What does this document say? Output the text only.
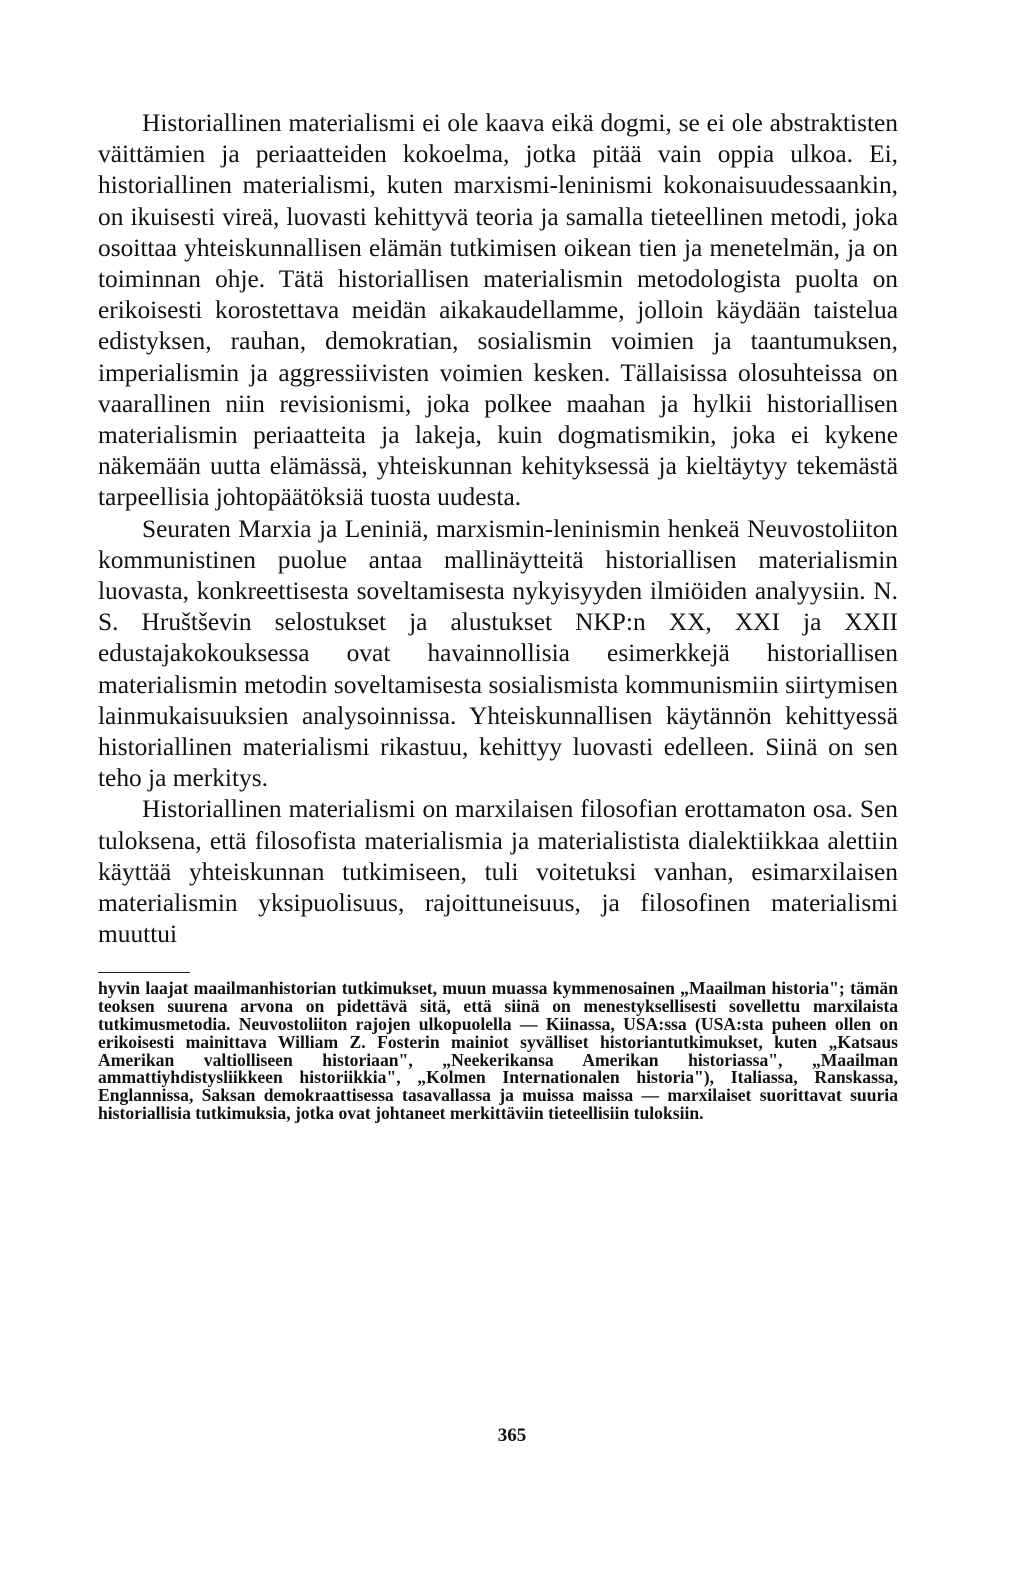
Historiallinen materialismi ei ole kaava eikä dogmi, se ei ole abstraktisten väittämien ja periaatteiden kokoelma, jotka pitää vain oppia ulkoa. Ei, historiallinen materialismi, kuten marxismi-leninismi kokonaisuudessaankin, on ikuisesti vireä, luovasti kehittyvä teoria ja samalla tieteellinen metodi, joka osoittaa yhteiskunnallisen elämän tutkimisen oikean tien ja menetelmän, ja on toiminnan ohje. Tätä historiallisen materialismin metodologista puolta on erikoisesti korostettava meidän aikakaudellamme, jolloin käydään taistelua edistyksen, rauhan, demokratian, sosialismin voimien ja taantumuksen, imperialismin ja aggressiivisten voimien kesken. Tällaisissa olosuhteissa on vaarallinen niin revisionismi, joka polkee maahan ja hylkii historiallisen materialismin periaatteita ja lakeja, kuin dogmatismikin, joka ei kykene näkemään uutta elämässä, yhteiskunnan kehityksessä ja kieltäytyy tekemästä tarpeellisia johtopäätöksiä tuosta uudesta.

Seuraten Marxia ja Leniniä, marxismin-leninismin henkeä Neuvostoliiton kommunistinen puolue antaa mallinäytteitä historiallisen materialismin luovasta, konkreettisesta soveltamisesta nykyisyyden ilmiöiden analyysiin. N. S. Hruštševin selostukset ja alustukset NKP:n XX, XXI ja XXII edustajakokouksessa ovat havainnollisia esimerkkejä historiallisen materialismin metodin soveltamisesta sosialismista kommunismiin siirtymisen lainmukaisuuksien analysoinnissa. Yhteiskunnallisen käytännön kehittyessä historiallinen materialismi rikastuu, kehittyy luovasti edelleen. Siinä on sen teho ja merkitys.

Historiallinen materialismi on marxilaisen filosofian erottamaton osa. Sen tuloksena, että filosofista materialismia ja materialistista dialektiikkaa alettiin käyttää yhteiskunnan tutkimiseen, tuli voitetuksi vanhan, esimarxilaisen materialismin yksipuolisuus, rajoittuneisuus, ja filosofinen materialismi muuttui

hyvin laajat maailmanhistorian tutkimukset, muun muassa kymmenosainen „Maailman historia"; tämän teoksen suurena arvona on pidettävä sitä, että siinä on menestyksellisesti sovellettu marxilaista tutkimusmetodia. Neuvostoliiton rajojen ulkopuolella — Kiinassa, USA:ssa (USA:sta puheen ollen on erikoisesti mainittava William Z. Fosterin mainiot syvälliset historiantutkimukset, kuten „Katsaus Amerikan valtiolliseen historiaan", „Neekerikansa Amerikan historiassa", „Maailman ammattiyhdistysliikkeen historiikkia", „Kolmen Internationalen historia"), Italiassa, Ranskassa, Englannissa, Saksan demokraattisessa tasavallassa ja muissa maissa — marxilaiset suorittavat suuria historiallisia tutkimuksia, jotka ovat johtaneet merkittäviin tieteellisiin tuloksiin.

365
